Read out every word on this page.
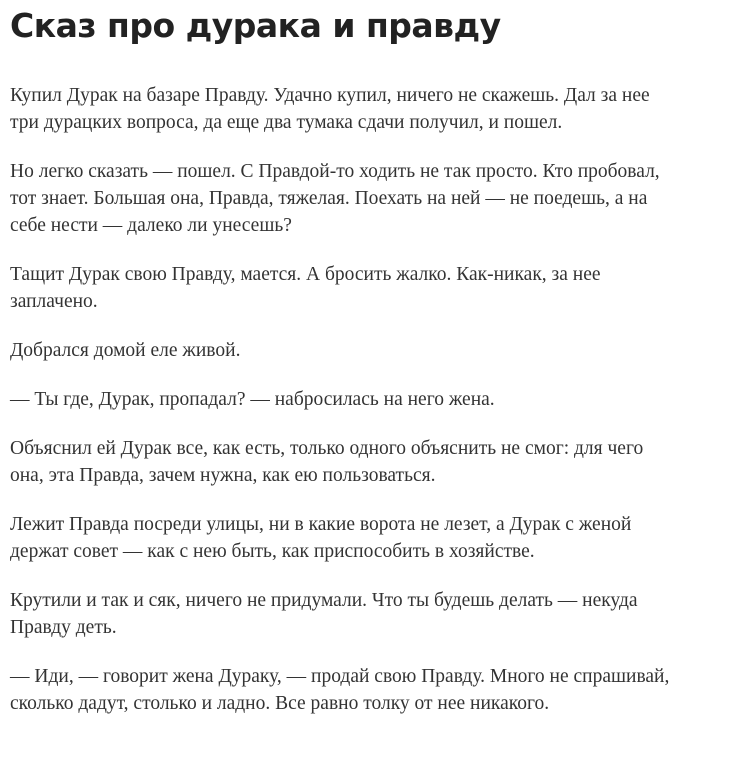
Сказ про дурака и правду

Купил Дурак на базаре Правду. Удачно купил, ничего не скажешь. Дал за нее
три дурацких вопроса, да еще два тумака сдачи получил, и пошел.

Но легко сказать — пошел. С Правдой-то ходить не так просто. Кто пробовал,
тот знает. Большая она, Правда, тяжелая. Поехать на ней — не поедешь, а на
себе нести — далеко ли унесешь?

Тащит Дурак свою Правду, мается. А бросить жалко. Как-никак, за нее
заплачено.

Добрался домой еле живой.

— Ты где, Дурак, пропадал? — набросилась на него жена.

Объяснил ей Дурак все, как есть, только одного объяснить не смог: для чего
она, эта Правда, зачем нужна, как ею пользоваться.

Лежит Правда посреди улицы, ни в какие ворота не лезет, а Дурак с женой
держат совет — как с нею быть, как приспособить в хозяйстве.

Крутили и так и сяк, ничего не придумали. Что ты будешь делать — некуда
Правду деть.

— Иди, — говорит жена Дураку, — продай свою Правду. Много не спрашивай,
сколько дадут, столько и ладно. Все равно толку от нее никакого.
